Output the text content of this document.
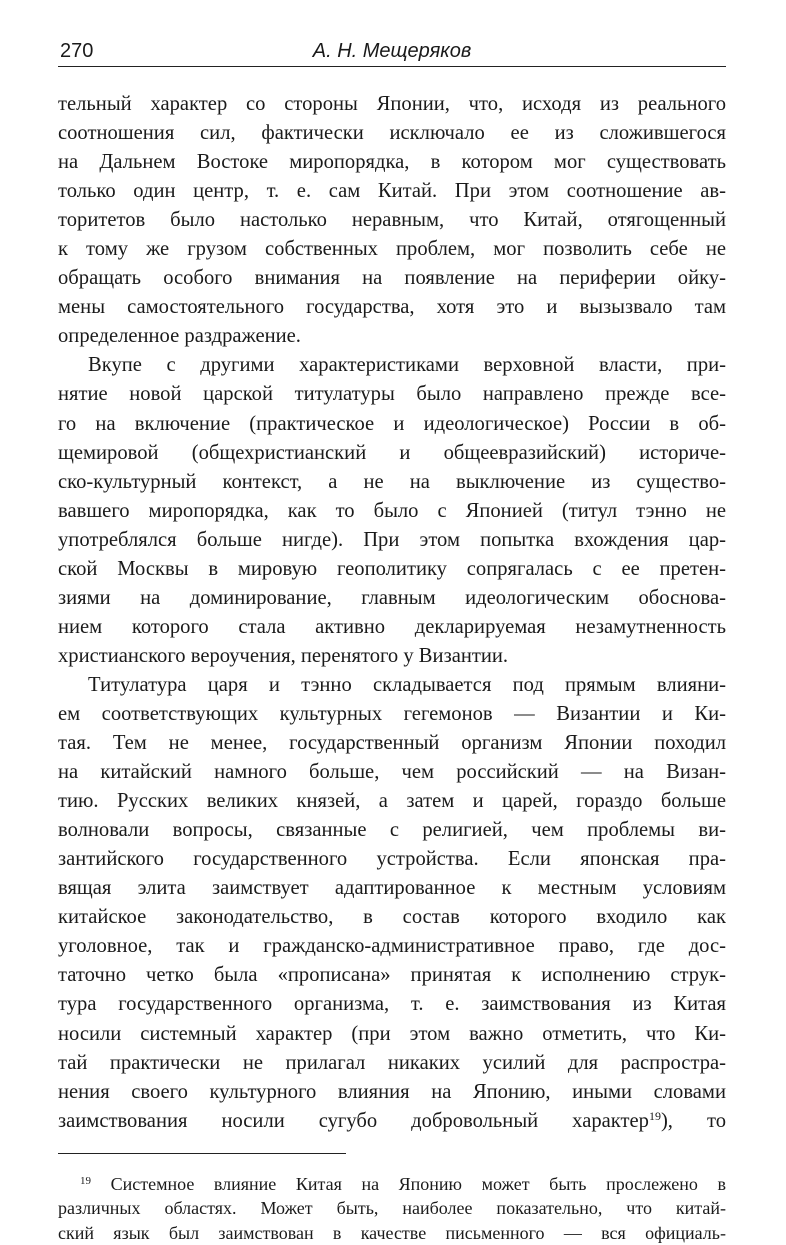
270	А. Н. Мещеряков
тельный характер со стороны Японии, что, исходя из реального
соотношения сил, фактически исключало ее из сложившегося
на Дальнем Востоке миропорядка, в котором мог существовать
только один центр, т. е. сам Китай. При этом соотношение ав-
торитетов было настолько неравным, что Китай, отягощенный
к тому же грузом собственных проблем, мог позволить себе не
обращать особого внимания на появление на периферии ойку-
мены самостоятельного государства, хотя это и вызызвало там
определенное раздражение.
Вкупе с другими характеристиками верховной власти, при-
нятие новой царской титулатуры было направлено прежде все-
го на включение (практическое и идеологическое) России в об-
щемировой (общехристианский и общеевразийский) историче-
ско-культурный контекст, а не на выключение из существо-
вавшего миропорядка, как то было с Японией (титул тэнно не
употреблялся больше нигде). При этом попытка вхождения цар-
ской Москвы в мировую геополитику сопрягалась с ее претен-
зиями на доминирование, главным идеологическим обоснова-
нием которого стала активно декларируемая незамутненность
христианского вероучения, перенятого у Византии.
Титулатура царя и тэнно складывается под прямым влияни-
ем соответствующих культурных гегемонов — Византии и Ки-
тая. Тем не менее, государственный организм Японии походил
на китайский намного больше, чем российский — на Визан-
тию. Русских великих князей, а затем и царей, гораздо больше
волновали вопросы, связанные с религией, чем проблемы ви-
зантийского государственного устройства. Если японская пра-
вящая элита заимствует адаптированное к местным условиям
китайское законодательство, в состав которого входило как
уголовное, так и гражданско-административное право, где дос-
таточно четко была «прописана» принятая к исполнению струк-
тура государственного организма, т. е. заимствования из Китая
носили системный характер (при этом важно отметить, что Ки-
тай практически не прилагал никаких усилий для распростра-
нения своего культурного влияния на Японию, иными словами
заимствования носили сугубо добровольный характер$^{19}$), то
$^{19}$ Системное влияние Китая на Японию может быть прослежено в
различных областях. Может быть, наиболее показательно, что китай-
ский язык был заимствован в качестве письменного — вся официаль-
